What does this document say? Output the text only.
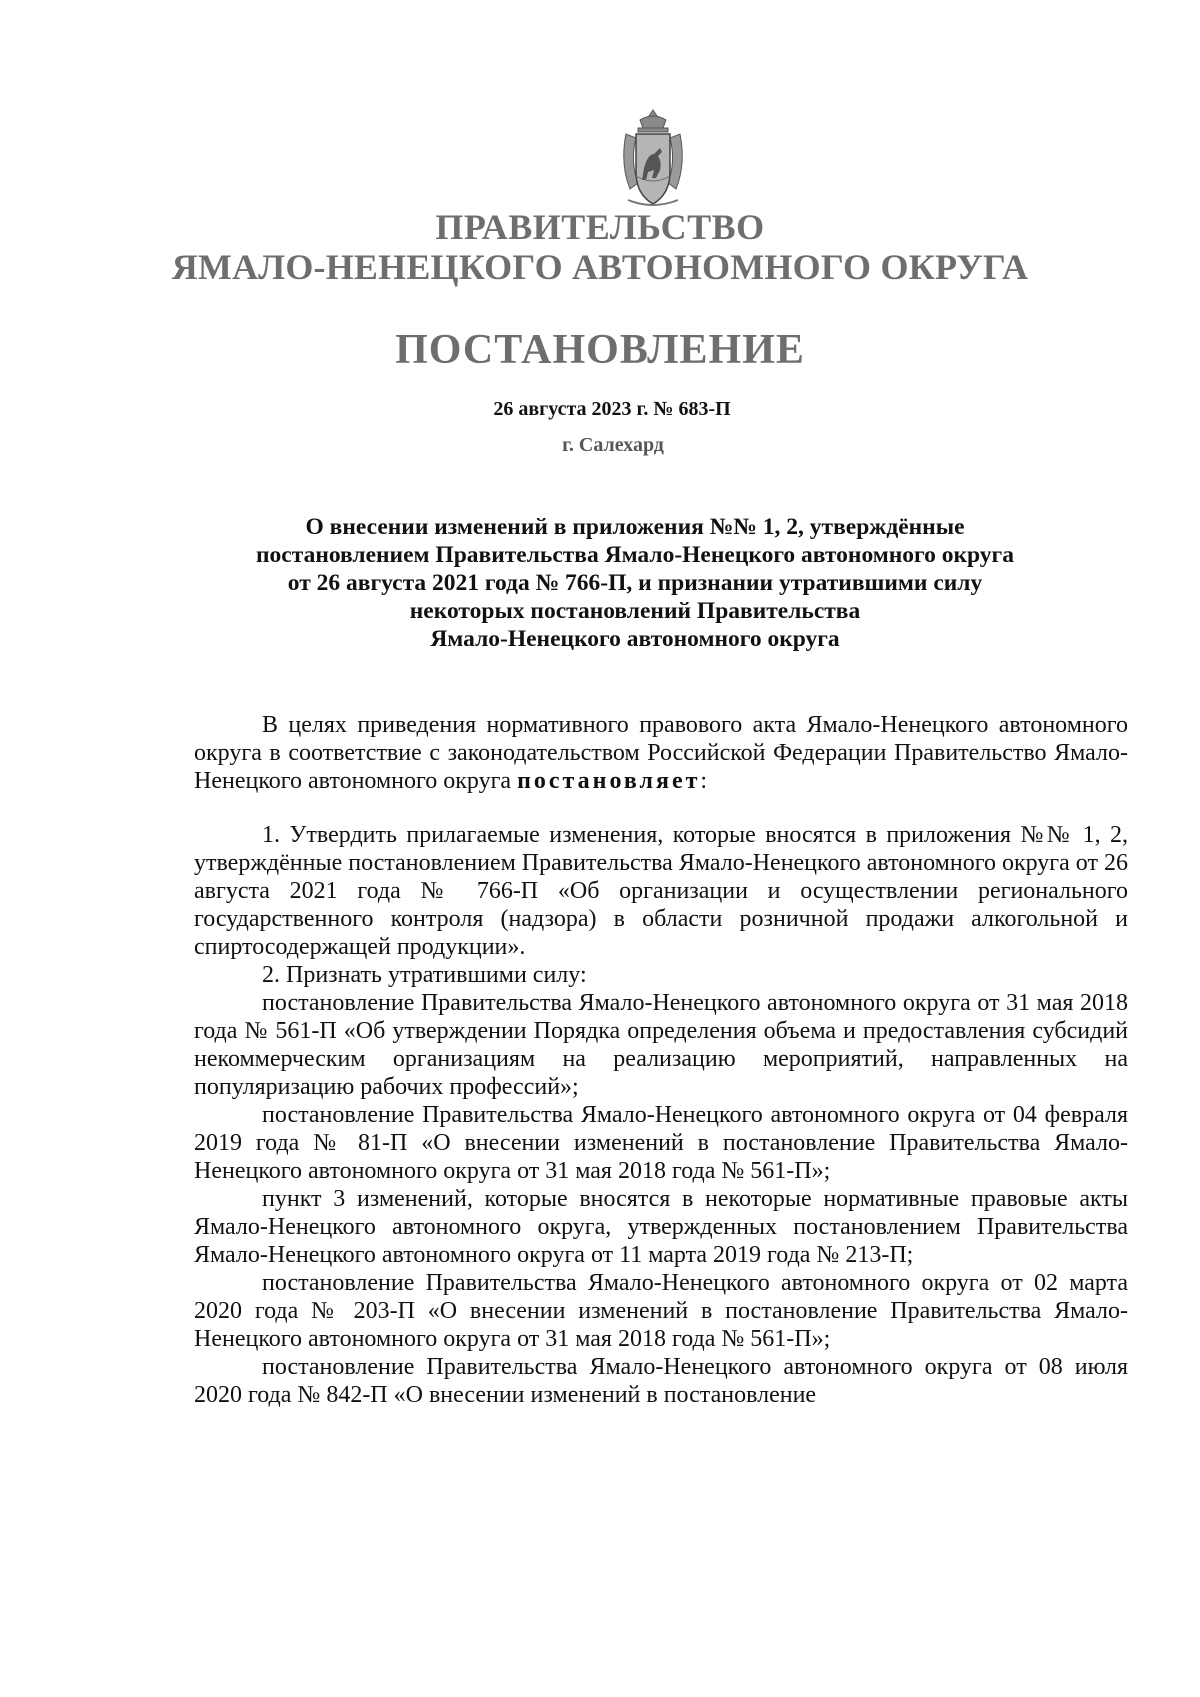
ПРАВИТЕЛЬСТВО
ЯМАЛО-НЕНЕЦКОГО АВТОНОМНОГО ОКРУГА
ПОСТАНОВЛЕНИЕ
26 августа 2023 г. № 683-П
г. Салехард
О внесении изменений в приложения №№ 1, 2, утверждённые
постановлением Правительства Ямало-Ненецкого автономного округа
от 26 августа 2021 года № 766-П, и признании утратившими силу
некоторых постановлений Правительства
Ямало-Ненецкого автономного округа

В целях приведения нормативного правового акта Ямало-Ненецкого автономного округа в соответствие с законодательством Российской Федерации Правительство Ямало-Ненецкого автономного округа постановляет:

1. Утвердить прилагаемые изменения, которые вносятся в приложения №№ 1, 2, утверждённые постановлением Правительства Ямало-Ненецкого автономного округа от 26 августа 2021 года № 766-П «Об организации и осуществлении регионального государственного контроля (надзора) в области розничной продажи алкогольной и спиртосодержащей продукции».

2. Признать утратившими силу:

постановление Правительства Ямало-Ненецкого автономного округа от 31 мая 2018 года № 561-П «Об утверждении Порядка определения объема и предоставления субсидий некоммерческим организациям на реализацию мероприятий, направленных на популяризацию рабочих профессий»;

постановление Правительства Ямало-Ненецкого автономного округа от 04 февраля 2019 года № 81-П «О внесении изменений в постановление Правительства Ямало-Ненецкого автономного округа от 31 мая 2018 года № 561-П»;

пункт 3 изменений, которые вносятся в некоторые нормативные правовые акты Ямало-Ненецкого автономного округа, утвержденных постановлением Правительства Ямало-Ненецкого автономного округа от 11 марта 2019 года № 213-П;

постановление Правительства Ямало-Ненецкого автономного округа от 02 марта 2020 года № 203-П «О внесении изменений в постановление Правительства Ямало-Ненецкого автономного округа от 31 мая 2018 года № 561-П»;

постановление Правительства Ямало-Ненецкого автономного округа от 08 июля 2020 года № 842-П «О внесении изменений в постановление
